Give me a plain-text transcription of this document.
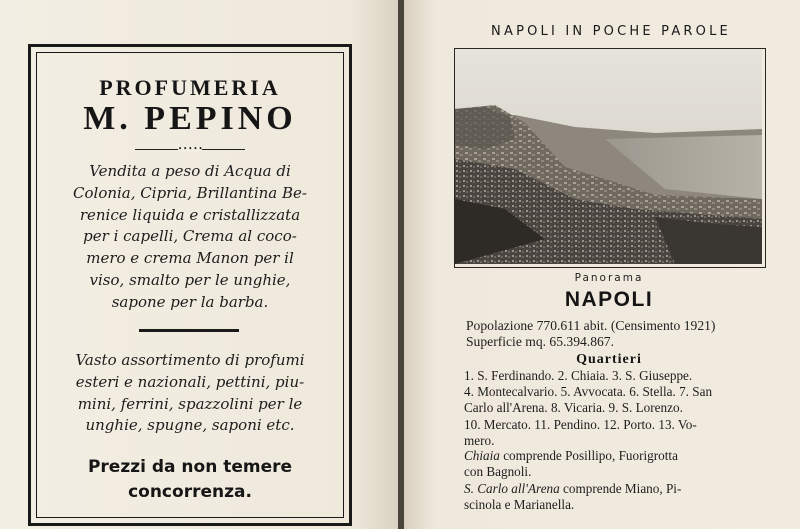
PROFUMERIA
M. PEPINO
•••••
Vendita a peso di Acqua di
Colonia, Cipria, Brillantina Be-
renice liquida e cristallizzata
per i capelli, Crema al coco-
mero e crema Manon per il
viso, smalto per le unghie,
sapone per la barba.
Vasto assortimento di profumi
esteri e nazionali, pettini, piu-
mini, ferrini, spazzolini per le
unghie, spugne, saponi etc.
Prezzi da non temere
concorrenza.
NAPOLI IN POCHE PAROLE
Panorama
NAPOLI
Popolazione 770.611 abit. (Censimento 1921)
Superficie mq. 65.394.867.
Quartieri
1. S. Ferdinando. 2. Chiaia. 3. S. Giuseppe.
4. Montecalvario. 5. Avvocata. 6. Stella. 7. San
Carlo all'Arena. 8. Vicaria. 9. S. Lorenzo.
10. Mercato. 11. Pendino. 12. Porto. 13. Vo-
mero.
Chiaia comprende Posillipo, Fuorigrotta
con Bagnoli.
S. Carlo all'Arena comprende Miano, Pi-
scinola e Marianella.
